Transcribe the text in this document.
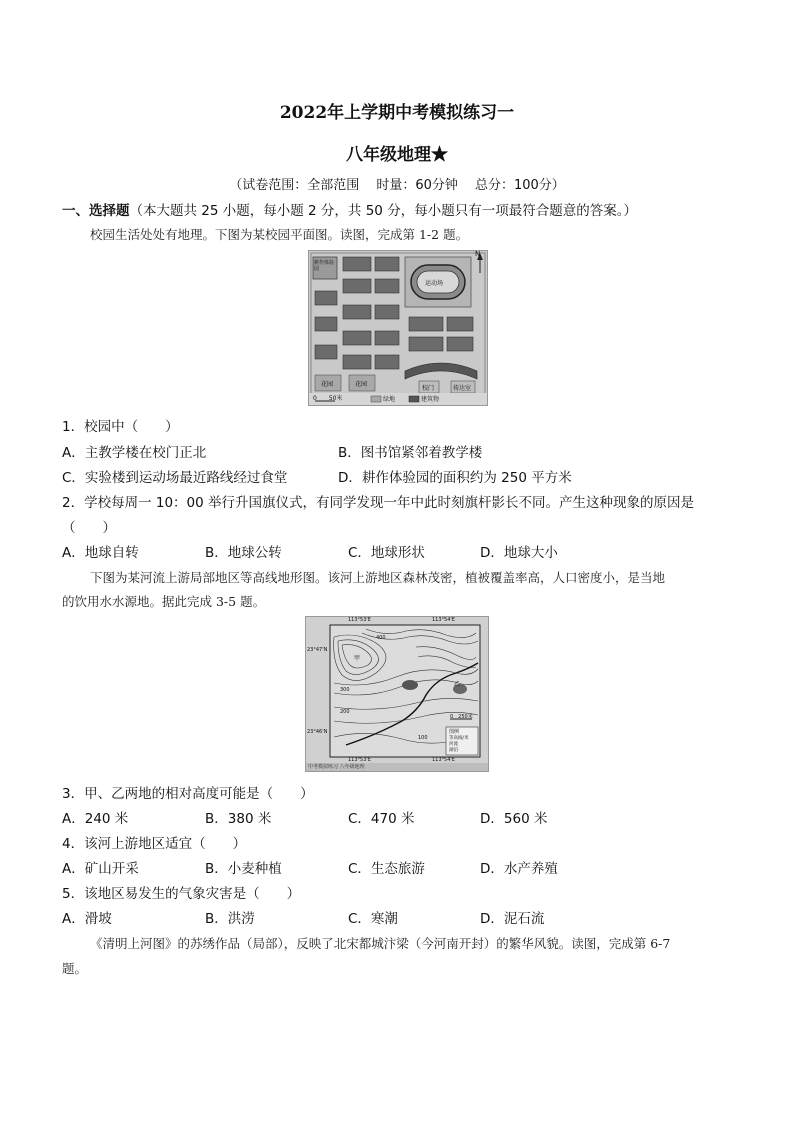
2022年上学期中考模拟练习一
八年级地理★
（试卷范围：全部范围　 时量：60分钟　 总分：100分）
一、选择题（本大题共 25 小题，每小题 2 分，共 50 分，每小题只有一项最符合题意的答案。）
校园生活处处有地理。下图为某校园平面图。读图，完成第 1-2 题。
耕作体验园
运动场
花园	花园
校门	传达室
N
0　　50米	绿地	建筑物
1．校园中（　　）
A．主教学楼在校门正北	B．图书馆紧邻着教学楼
C．实验楼到运动场最近路线经过食堂	D．耕作体验园的面积约为 250 平方米
2．学校每周一 10：00 举行升国旗仪式，有同学发现一年中此时刻旗杆影长不同。产生这种现象的原因是
（　　）
A．地球自转	B．地球公转	C．地球形状	D．地球大小
下图为某河流上游局部地区等高线地形图。该河上游地区森林茂密，植被覆盖率高，人口密度小，是当地
的饮用水水源地。据此完成 3-5 题。
113°53'E	113°54'E
23°47'N
23°46'N
113°53'E	113°54'E
甲
乙
400
300
200
100
0　250米
图例
等高线/米
河流
湖泊
中考模拟练习 八年级地理
3．甲、乙两地的相对高度可能是（　　）
A．240 米	B．380 米	C．470 米	D．560 米
4．该河上游地区适宜（　　）
A．矿山开采	B．小麦种植	C．生态旅游	D．水产养殖
5．该地区易发生的气象灾害是（　　）
A．滑坡	B．洪涝	C．寒潮	D．泥石流
《清明上河图》的苏绣作品（局部），反映了北宋都城汴梁（今河南开封）的繁华风貌。读图，完成第 6-7
题。
